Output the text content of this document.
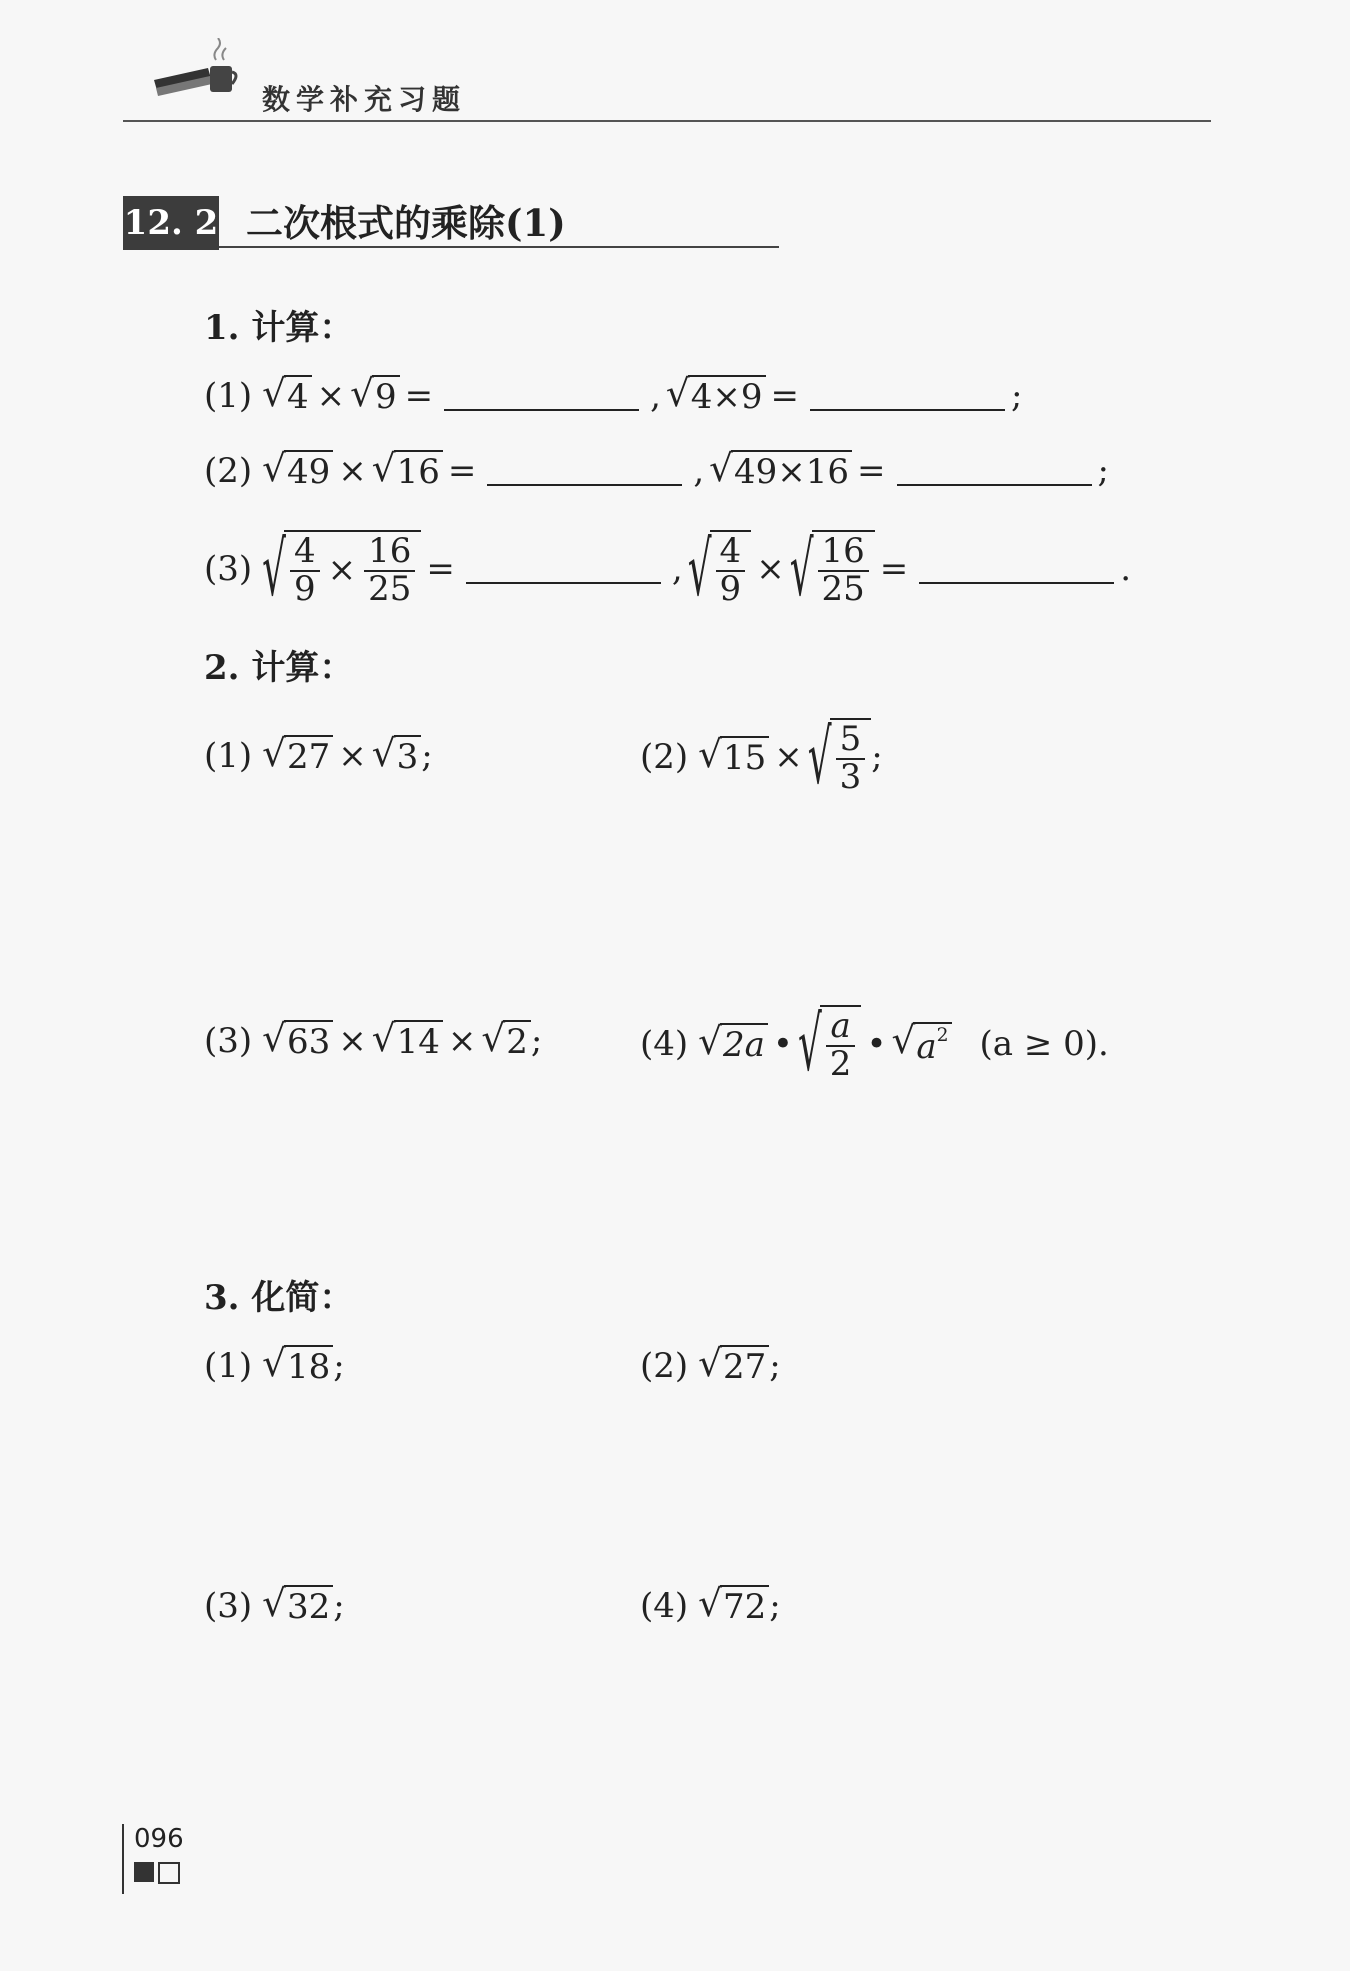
数学补充习题
12. 2 二次根式的乘除(1)
1. 计算：
(1) √ 4 × √ 9 =	, √ 4×9 =	;
(2) √ 49 × √ 16 =	, √ 49×16 =	;
(3) √ $\frac{4}{9} \times \frac{16}{25}$ =	, √ $\frac{4}{9}$ × √ $\frac{16}{25}$ =	.
2. 计算：
(1) √ 27 × √ 3 ;	(2) √ 15 × √ $\frac{5}{3}$ ;
(3) √ 63 × √ 14 × √ 2 ;	(4) √ 2a • √ $\frac{a}{2}$ • √ $a^2$ (a ≥ 0).
3. 化简：
(1) √ 18 ;	(2) √ 27 ;
(3) √ 32 ;	(4) √ 72 ;
096
